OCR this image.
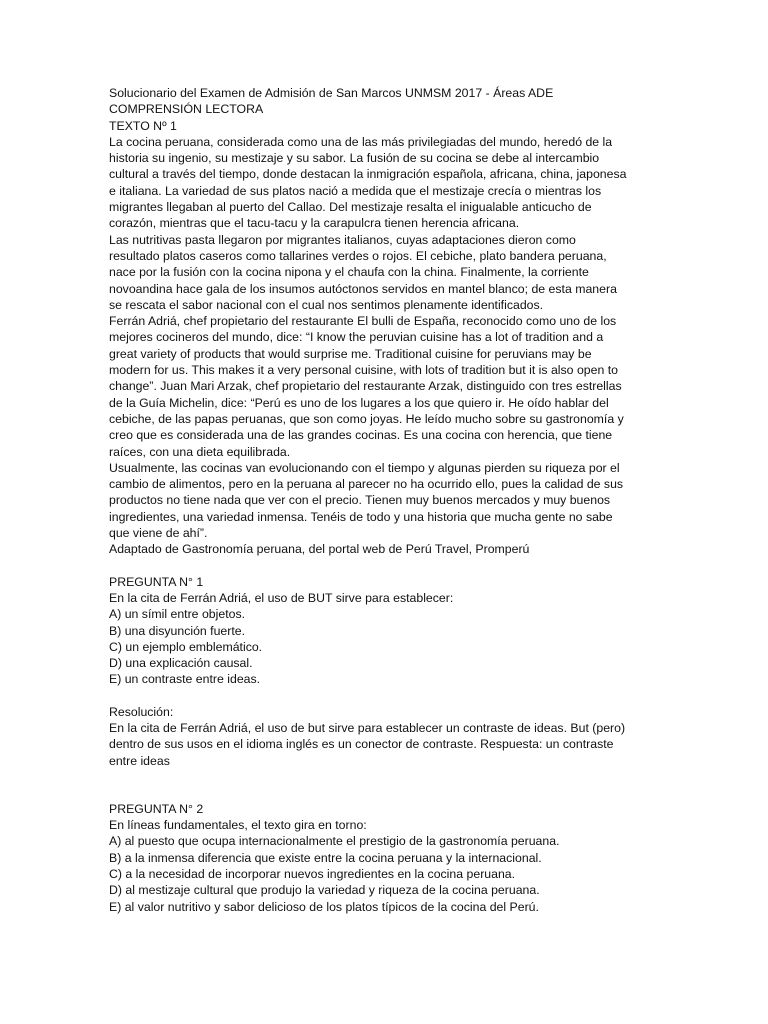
Solucionario del Examen de Admisión de San Marcos UNMSM 2017 - Áreas ADE

COMPRENSIÓN LECTORA

TEXTO Nº 1

La cocina peruana, considerada como una de las más privilegiadas del mundo, heredó de la

historia su ingenio, su mestizaje y su sabor. La fusión de su cocina se debe al intercambio

cultural a través del tiempo, donde destacan la inmigración española, africana, china, japonesa

e italiana. La variedad de sus platos nació a medida que el mestizaje crecía o mientras los

migrantes llegaban al puerto del Callao. Del mestizaje resalta el inigualable anticucho de

corazón, mientras que el tacu-tacu y la carapulcra tienen herencia africana.

Las nutritivas pasta llegaron por migrantes italianos, cuyas adaptaciones dieron como

resultado platos caseros como tallarines verdes o rojos. El cebiche, plato bandera peruana,

nace por la fusión con la cocina nipona y el chaufa con la china. Finalmente, la corriente

novoandina hace gala de los insumos autóctonos servidos en mantel blanco; de esta manera

se rescata el sabor nacional con el cual nos sentimos plenamente identificados.

Ferrán Adriá, chef propietario del restaurante El bulli de España, reconocido como uno de los

mejores cocineros del mundo, dice: “I know the peruvian cuisine has a lot of tradition and a

great variety of products that would surprise me. Traditional cuisine for peruvians may be

modern for us. This makes it a very personal cuisine, with lots of tradition but it is also open to

change”. Juan Mari Arzak, chef propietario del restaurante Arzak, distinguido con tres estrellas

de la Guía Michelin, dice: “Perú es uno de los lugares a los que quiero ir. He oído hablar del

cebiche, de las papas peruanas, que son como joyas. He leído mucho sobre su gastronomía y

creo que es considerada una de las grandes cocinas. Es una cocina con herencia, que tiene

raíces, con una dieta equilibrada.

Usualmente, las cocinas van evolucionando con el tiempo y algunas pierden su riqueza por el

cambio de alimentos, pero en la peruana al parecer no ha ocurrido ello, pues la calidad de sus

productos no tiene nada que ver con el precio. Tienen muy buenos mercados y muy buenos

ingredientes, una variedad inmensa. Tenéis de todo y una historia que mucha gente no sabe

que viene de ahí”.

Adaptado de Gastronomía peruana, del portal web de Perú Travel, Promperú

PREGUNTA N° 1

En la cita de Ferrán Adriá, el uso de BUT sirve para establecer:

A) un símil entre objetos.

B) una disyunción fuerte.

C) un ejemplo emblemático.

D) una explicación causal.

E) un contraste entre ideas.

Resolución:

En la cita de Ferrán Adriá, el uso de but sirve para establecer un contraste de ideas. But (pero)

dentro de sus usos en el idioma inglés es un conector de contraste. Respuesta: un contraste

entre ideas

PREGUNTA N° 2

En líneas fundamentales, el texto gira en torno:

A) al puesto que ocupa internacionalmente el prestigio de la gastronomía peruana.

B) a la inmensa diferencia que existe entre la cocina peruana y la internacional.

C) a la necesidad de incorporar nuevos ingredientes en la cocina peruana.

D) al mestizaje cultural que produjo la variedad y riqueza de la cocina peruana.

E) al valor nutritivo y sabor delicioso de los platos típicos de la cocina del Perú.
